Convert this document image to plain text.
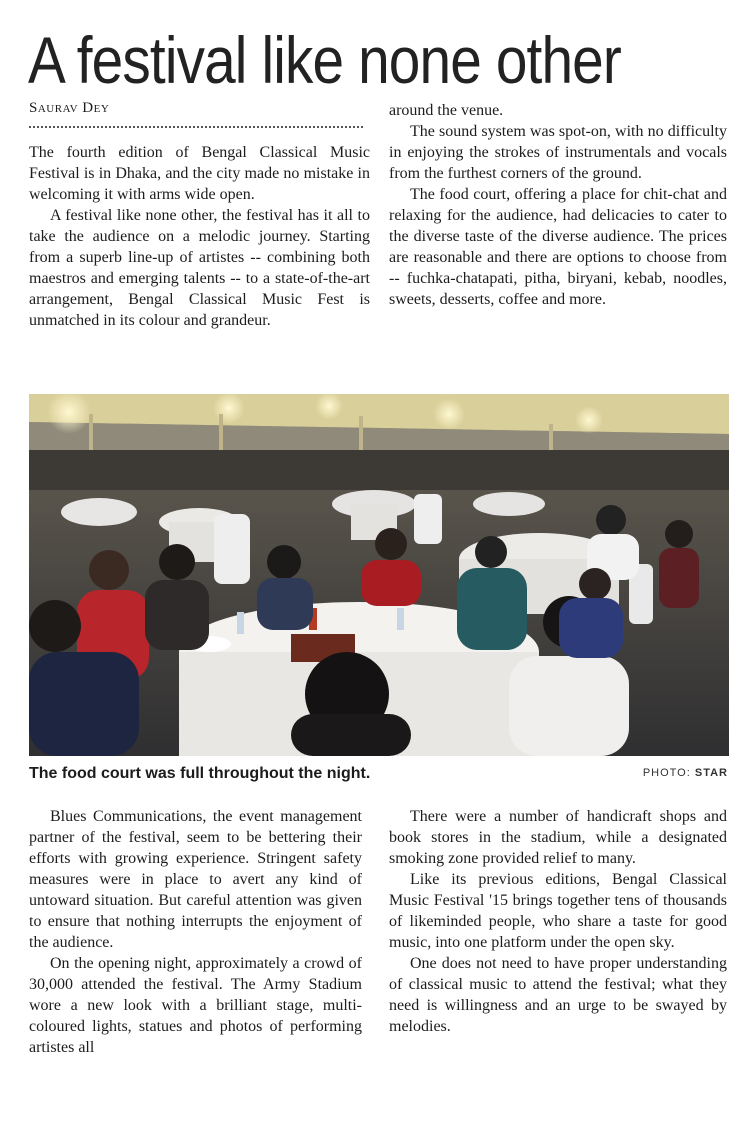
A festival like none other
Saurav Dey

The fourth edition of Bengal Classical Music Festival is in Dhaka, and the city made no mistake in welcoming it with arms wide open.

A festival like none other, the festival has it all to take the audience on a melodic journey. Starting from a superb line-up of artistes -- combining both maestros and emerging talents -- to a state-of-the-art arrangement, Bengal Classical Music Fest is unmatched in its colour and grandeur.

around the venue.

The sound system was spot-on, with no difficulty in enjoying the strokes of instrumentals and vocals from the furthest corners of the ground.

The food court, offering a place for chit-chat and relaxing for the audience, had delicacies to cater to the diverse taste of the diverse audience. The prices are reasonable and there are options to choose from -- fuchka-chatapati, pitha, biryani, kebab, noodles, sweets, desserts, coffee and more.

The food court was full throughout the night.	PHOTO: STAR

Blues Communications, the event management partner of the festival, seem to be bettering their efforts with growing experience. Stringent safety measures were in place to avert any kind of untoward situation. But careful attention was given to ensure that nothing interrupts the enjoyment of the audience.

On the opening night, approximately a crowd of 30,000 attended the festival. The Army Stadium wore a new look with a brilliant stage, multi-coloured lights, statues and photos of performing artistes all

There were a number of handicraft shops and book stores in the stadium, while a designated smoking zone provided relief to many.

Like its previous editions, Bengal Classical Music Festival '15 brings together tens of thousands of likeminded people, who share a taste for good music, into one platform under the open sky.

One does not need to have proper understanding of classical music to attend the festival; what they need is willingness and an urge to be swayed by melodies.
